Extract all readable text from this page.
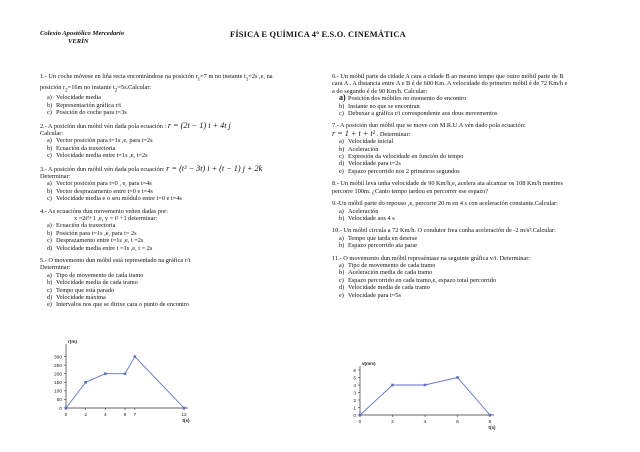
Colexio Apostólico Mercedario
VERÍN
FÍSICA E QUÍMICA 4º E.S.O. CINEMÁTICA

1.- Un coche móvese en liña recta encontrándose na posición $r_1=7$ m no instante $t_1=2s$ ,e, na
posición $r_2=16m$ no instante $t_2=5s.Calcular$:

a) Velocidade media
b) Representación gráfica r/t
c) Posición do coche para t=3s

2.- A posición dun móbil vén dada pola ecuación : r = (2t − 1) i + 4t j

Calcular:

a) Vector posición para t=1s ,e, para t=2s
b) Ecuación da traxectoria
c) Velocidade media entre t=1s ,e, t=2s

3.- A posición dun móbil vén dada pola ecuación: r = (t² − 3t) i + (t − 1) j + 2k

Determinar:

a) Vector posición para t=0 , e, para t=4s
b) Vector desprazamento entre t=0 e t=4s
c) Velocidade media e o seu módulo entre t=0 e t=4s

4.- As ecuacións dun movemento veñen dadas por:

x =2t²+1 ,e, y = t² +1 determinar:

a) Ecuación da traxectoria
b) Posición para t=1s ,e, para t= 2s
c) Desprazamento entre t=1s ,e, t =2s
d) Velocidade media entre t =1s ,e, t = 2s

5.- O movemento dun móbil está representado na gráfica r/t

Determinar:

a) Tipo de movemento de cada tramo
b) Velocidade media de cada tramo
c) Tempo que está parado
d) Velocidade máxima
e) Intervalos nos que se dirixe cara o punto de encontro
0
50
100
150
200
250
300
0	2	4	6 7	12
r(m)
t(s)

6.- Un móbil parte da cidade A cara a cidade B ao mesmo tempo que outro móbil parte de B

cara A . A distancia entre A e B é de 600 Km. A velocidade do primeiro móbil é de 72 Km/h e

a do segundo é de 90 Km/h. Calcular:

a) Posición dos móbiles no momento do encontro
b) Instante no que se encontran
c) Debuxar a gráfica r/t correspondente aos dous movementos

7.- A posición dun móbil que se move con M.R.U.A vén dado pola ecuación:

r = 1 + t + t² . Determinar:

a) Velocidade inicial
b) Aceleración
c) Expresión da velocidade en función do tempo
d) Velocidade para t=2s
e) Espazo percorrido nos 2 primeiros segundos

8.- Un móbil leva unha velocidade de 90 Km/h,e, acelera ata alcanzar os 108 Km/h mentres

percorre 100m. ¿Canto tempo tardou en percorrer ese espazo?

9.-Un móbil parte do repouso ,e, percorre 20 m en 4 s con aceleración constante.Calcular:

a) Aceleración
b) Velocidade aos 4 s

10.- Un móbil circula a 72 Km/h. O condutor frea cunha aceleración de -2 m/s².Calcular:

a) Tempo que tarda en deterse
b) Espazo percorrido ata parar

11.- O movemento dun móbil represéntase na seguinte gráfica v/t. Determinar:

a) Tipo de movemento de cada tramo
b) Aceleración media de cada tramo
c) Espazo percorrido en cada tramo,e, espazo total percorrido
d) Velocidade media de cada tramo
e) Velocidade para t=5s
0
1
2
3
4
5
6
0	2	4	6	8
v(m/s)
t(s)
